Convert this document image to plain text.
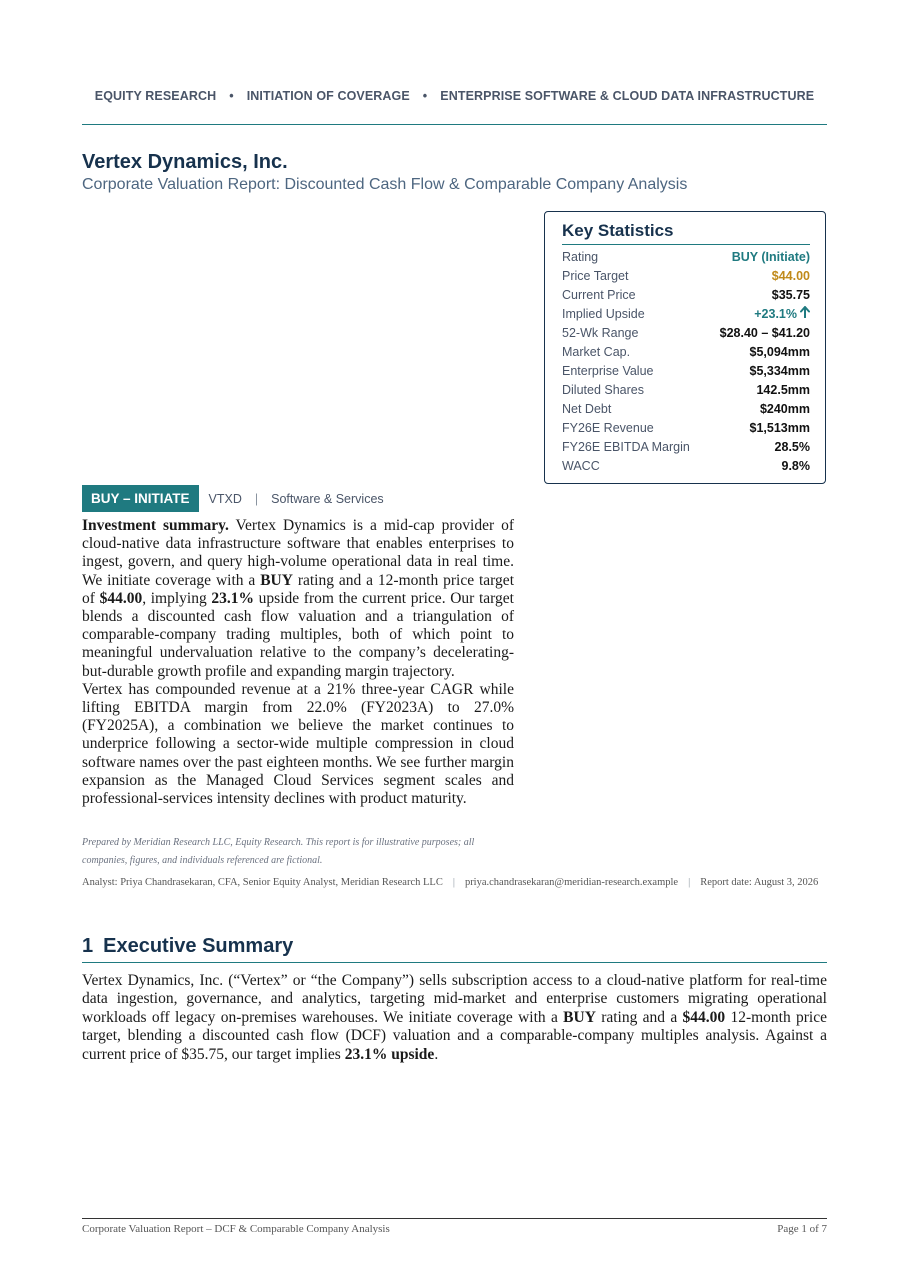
EQUITY RESEARCH • INITIATION OF COVERAGE • ENTERPRISE SOFTWARE & CLOUD DATA INFRASTRUCTURE
Vertex Dynamics, Inc.
Corporate Valuation Report: Discounted Cash Flow & Comparable Company Analysis
Key Statistics
Rating	BUY (Initiate)
Price Target	$44.00
Current Price	$35.75
Implied Upside	+23.1%
52-Wk Range	$28.40 – $41.20
Market Cap.	$5,094mm
Enterprise Value	$5,334mm
Diluted Shares	142.5mm
Net Debt	$240mm
FY26E Revenue	$1,513mm
FY26E EBITDA Margin	28.5%
WACC	9.8%
BUY – INITIATE	VTXD | Software & Services

Investment summary. Vertex Dynamics is a mid-cap provider of cloud-native data infrastructure software that enables enterprises to ingest, govern, and query high-volume operational data in real time. We initiate coverage with a BUY rating and a 12-month price target of $44.00, implying 23.1% upside from the current price. Our target blends a discounted cash flow valuation and a triangulation of comparable-company trading multiples, both of which point to meaningful undervaluation relative to the company’s decelerating-but-durable growth profile and expanding margin trajectory.

Vertex has compounded revenue at a 21% three-year CAGR while lifting EBITDA margin from 22.0% (FY2023A) to 27.0% (FY2025A), a combination we believe the market continues to underprice following a sector-wide multiple compression in cloud software names over the past eighteen months. We see further margin expansion as the Managed Cloud Services segment scales and professional-services intensity declines with product maturity.

Prepared by Meridian Research LLC, Equity Research. This report is for illustrative purposes; all companies, figures, and individuals referenced are fictional.
Analyst: Priya Chandrasekaran, CFA, Senior Equity Analyst, Meridian Research LLC | priya.chandrasekaran@meridian-research.example | Report date: August 3, 2026
1 Executive Summary
Vertex Dynamics, Inc. (“Vertex” or “the Company”) sells subscription access to a cloud-native platform for real-time data ingestion, governance, and analytics, targeting mid-market and enterprise customers migrating operational workloads off legacy on-premises warehouses. We initiate coverage with a BUY rating and a $44.00 12-month price target, blending a discounted cash flow (DCF) valuation and a comparable-company multiples analysis. Against a current price of $35.75, our target implies 23.1% upside.
Corporate Valuation Report – DCF & Comparable Company Analysis	Page 1 of 7
